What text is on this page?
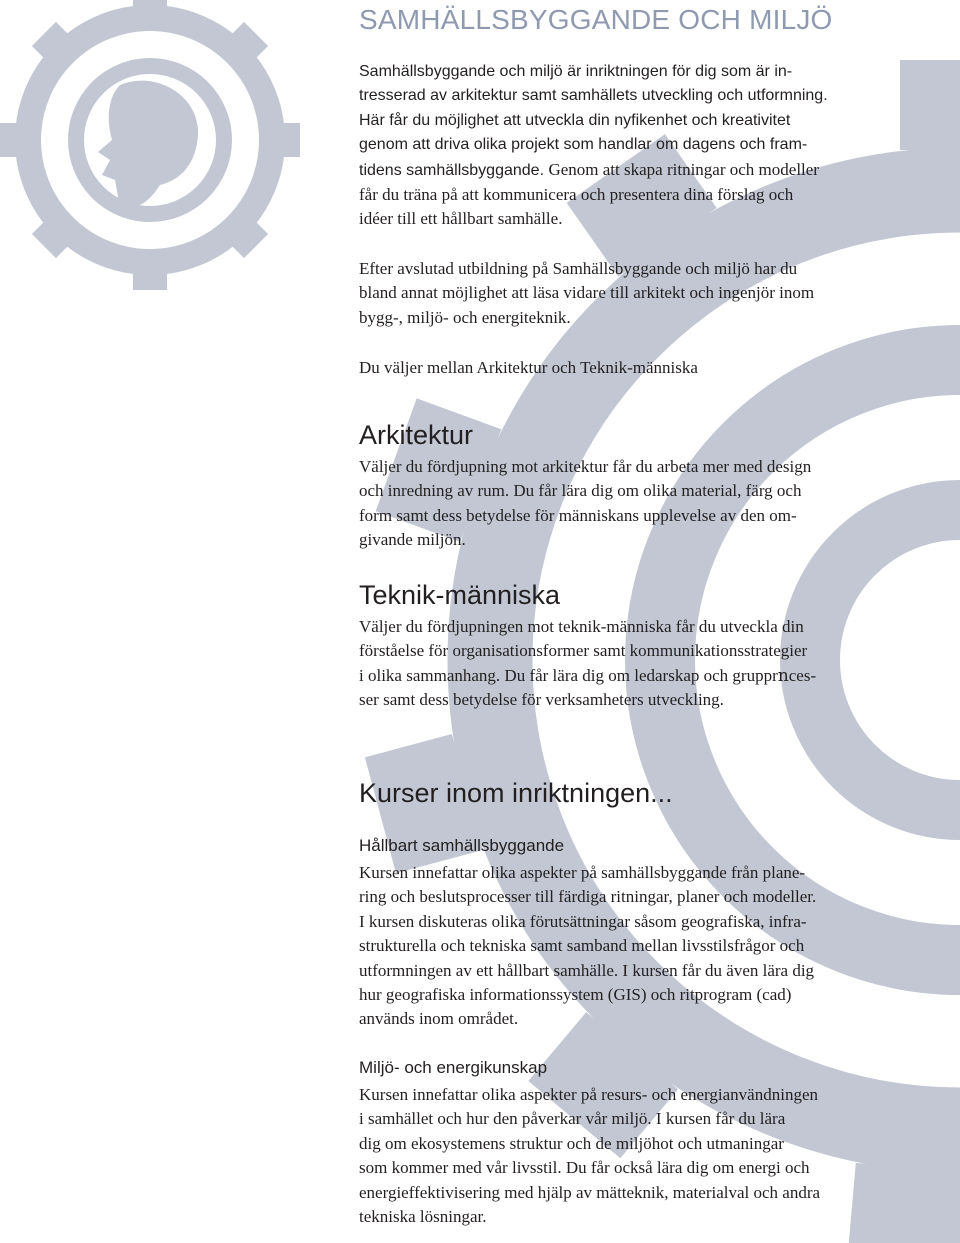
SAMHÄLLSBYGGANDE OCH MILJÖ
Samhällsbyggande och miljö är inriktningen för dig som är in-
tresserad av arkitektur samt samhällets utveckling och utformning.
Här får du möjlighet att utveckla din nyfikenhet och kreativitet
genom att driva olika projekt som handlar om dagens och fram-
tidens samhällsbyggande. Genom att skapa ritningar och modeller
får du träna på att kommunicera och presentera dina förslag och
idéer till ett hållbart samhälle.
Efter avslutad utbildning på Samhällsbyggande och miljö har du
bland annat möjlighet att läsa vidare till arkitekt och ingenjör inom
bygg-, miljö- och energiteknik.
Du väljer mellan Arkitektur och Teknik-människa
Arkitektur
Väljer du fördjupning mot arkitektur får du arbeta mer med design
och inredning av rum. Du får lära dig om olika material, färg och
form samt dess betydelse för människans upplevelse av den om-
givande miljön.
Teknik-människa
Väljer du fördjupningen mot teknik-människa får du utveckla din
förståelse för organisationsformer samt kommunikationsstrategier
i olika sammanhang. Du får lära dig om ledarskap och grupprոces-
ser samt dess betydelse för verksamheters utveckling.
Kurser inom inriktningen...
Hållbart samhällsbyggande
Kursen innefattar olika aspekter på samhällsbyggande från plane-
ring och beslutsprocesser till färdiga ritningar, planer och modeller.
I kursen diskuteras olika förutsättningar såsom geografiska, infra-
strukturella och tekniska samt samband mellan livsstilsfrågor och
utformningen av ett hållbart samhälle. I kursen får du även lära dig
hur geografiska informationssystem (GIS) och ritprogram (cad)
används inom området.
Miljö- och energikunskap
Kursen innefattar olika aspekter på resurs- och energianvändningen
i samhället och hur den påverkar vår miljö. I kursen får du lära
dig om ekosystemens struktur och de miljöhot och utmaningar
som kommer med vår livsstil. Du får också lära dig om energi och
energieffektivisering med hjälp av mätteknik, materialval och andra
tekniska lösningar.
